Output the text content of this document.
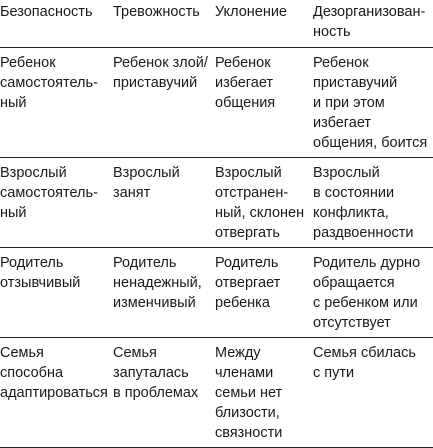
Безопасность	Тревожность	Уклонение	Дезорганизован-
ность

Ребенок
самостоятель-
ный	Ребенок злой/
приставучий	Ребенок
избегает
общения	Ребенок
приставучий
и при этом
избегает
общения, боится

Взрослый
самостоятель-
ный	Взрослый
занят	Взрослый
отстранен-
ный, склонен
отвергать	Взрослый
в состоянии
конфликта,
раздвоенности

Родитель
отзывчивый	Родитель
ненадежный,
изменчивый	Родитель
отвергает
ребенка	Родитель дурно
обращается
с ребенком или
отсутствует

Семья
способна
адаптироваться	Семья
запуталась
в проблемах	Между
членами
семьи нет
близости,
связности	Семья сбилась
с пути
